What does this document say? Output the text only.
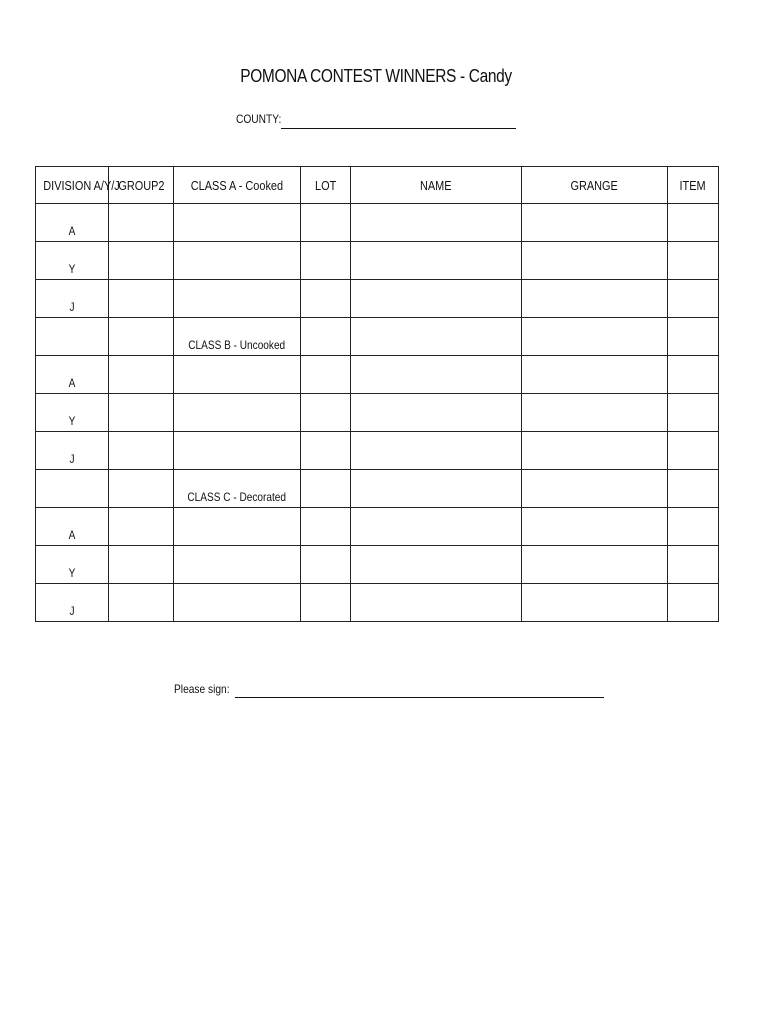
POMONA CONTEST WINNERS - Candy
COUNTY:
DIVISION A/Y/J	GROUP2	CLASS A - Cooked	LOT	NAME	GRANGE	ITEM
A						
Y						
J						
		CLASS B - Uncooked				
A						
Y						
J						
		CLASS C - Decorated				
A						
Y						
J						
Please sign:
